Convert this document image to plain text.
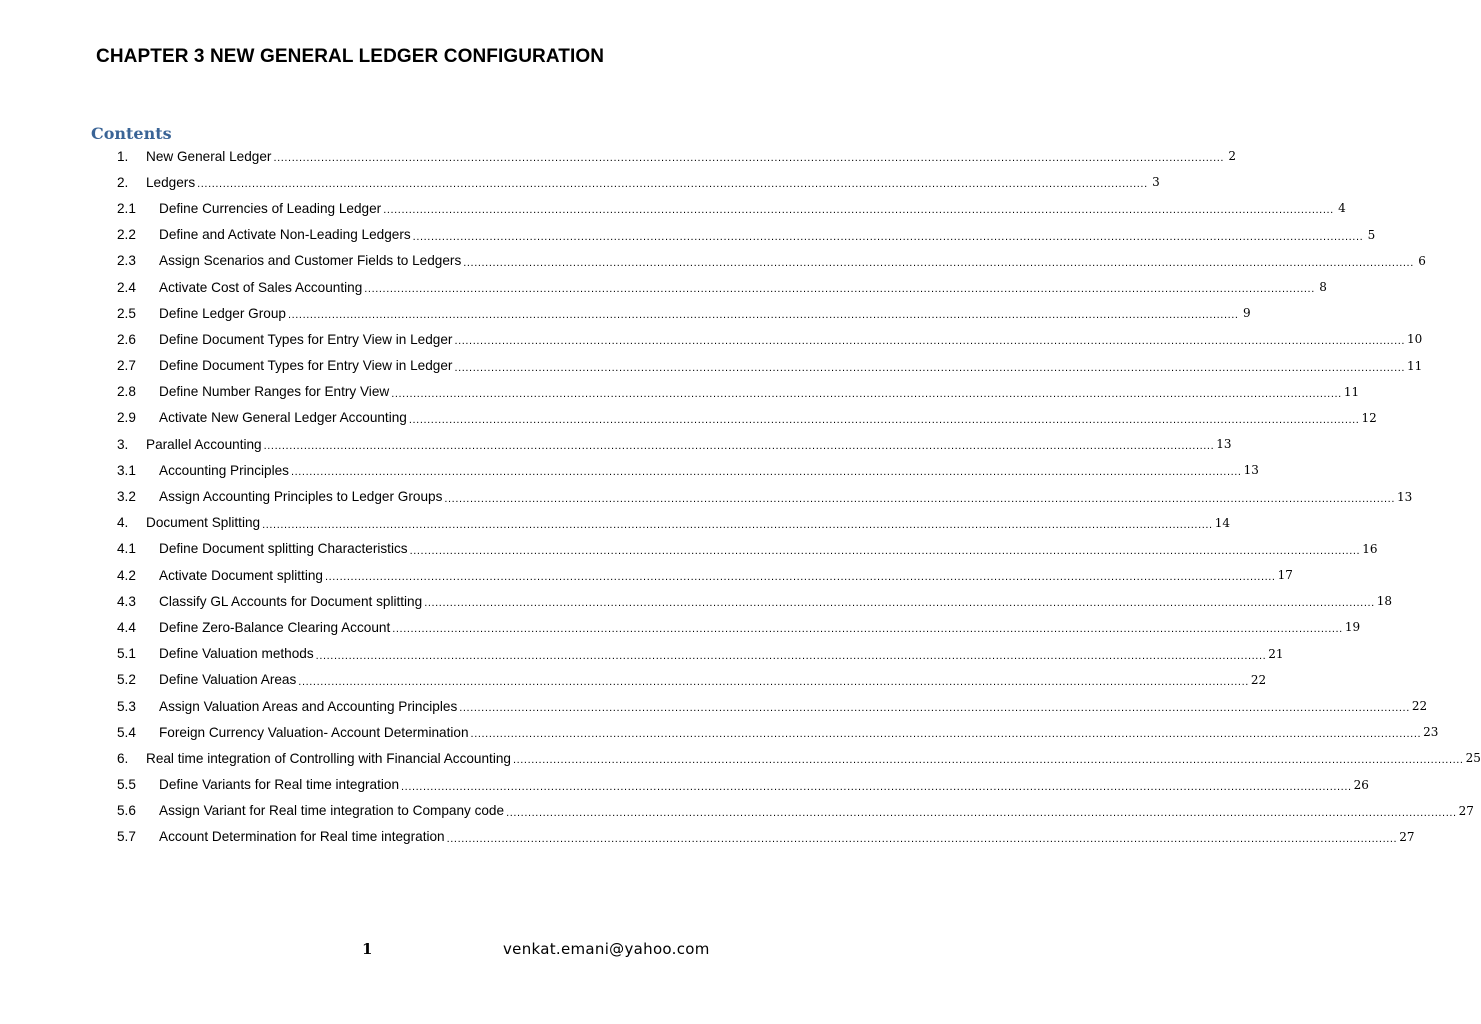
CHAPTER 3 NEW GENERAL LEDGER CONFIGURATION
Contents
1.	New General Ledger .................................................................................................................................................................................................................................................................... 2
2.	Ledgers .................................................................................................................................................................................................................................................................... 3
2.1	Define Currencies of Leading Ledger .................................................................................................................................................................................................................................................................... 4
2.2	Define and Activate Non-Leading Ledgers .................................................................................................................................................................................................................................................................... 5
2.3	Assign Scenarios and Customer Fields to Ledgers .................................................................................................................................................................................................................................................................... 6
2.4	Activate Cost of Sales Accounting .................................................................................................................................................................................................................................................................... 8
2.5	Define Ledger Group .................................................................................................................................................................................................................................................................... 9
2.6	Define Document Types for Entry View in Ledger .................................................................................................................................................................................................................................................................... 10
2.7	Define Document Types for Entry View in Ledger .................................................................................................................................................................................................................................................................... 11
2.8	Define Number Ranges for Entry View .................................................................................................................................................................................................................................................................... 11
2.9	Activate New General Ledger Accounting .................................................................................................................................................................................................................................................................... 12
3.	Parallel Accounting .................................................................................................................................................................................................................................................................... 13
3.1	Accounting Principles .................................................................................................................................................................................................................................................................... 13
3.2	Assign Accounting Principles to Ledger Groups .................................................................................................................................................................................................................................................................... 13
4.	Document Splitting .................................................................................................................................................................................................................................................................... 14
4.1	Define Document splitting Characteristics .................................................................................................................................................................................................................................................................... 16
4.2	Activate Document splitting .................................................................................................................................................................................................................................................................... 17
4.3	Classify GL Accounts for Document splitting .................................................................................................................................................................................................................................................................... 18
4.4	Define Zero-Balance Clearing Account .................................................................................................................................................................................................................................................................... 19
5.1	Define Valuation methods .................................................................................................................................................................................................................................................................... 21
5.2	Define Valuation Areas .................................................................................................................................................................................................................................................................... 22
5.3	Assign Valuation Areas and Accounting Principles .................................................................................................................................................................................................................................................................... 22
5.4	Foreign Currency Valuation- Account Determination .................................................................................................................................................................................................................................................................... 23
6.	Real time integration of Controlling with Financial Accounting .................................................................................................................................................................................................................................................................... 25
5.5	Define Variants for Real time integration .................................................................................................................................................................................................................................................................... 26
5.6	Assign Variant for Real time integration to Company code .................................................................................................................................................................................................................................................................... 27
5.7	Account Determination for Real time integration .................................................................................................................................................................................................................................................................... 27
1	venkat.emani@yahoo.com
